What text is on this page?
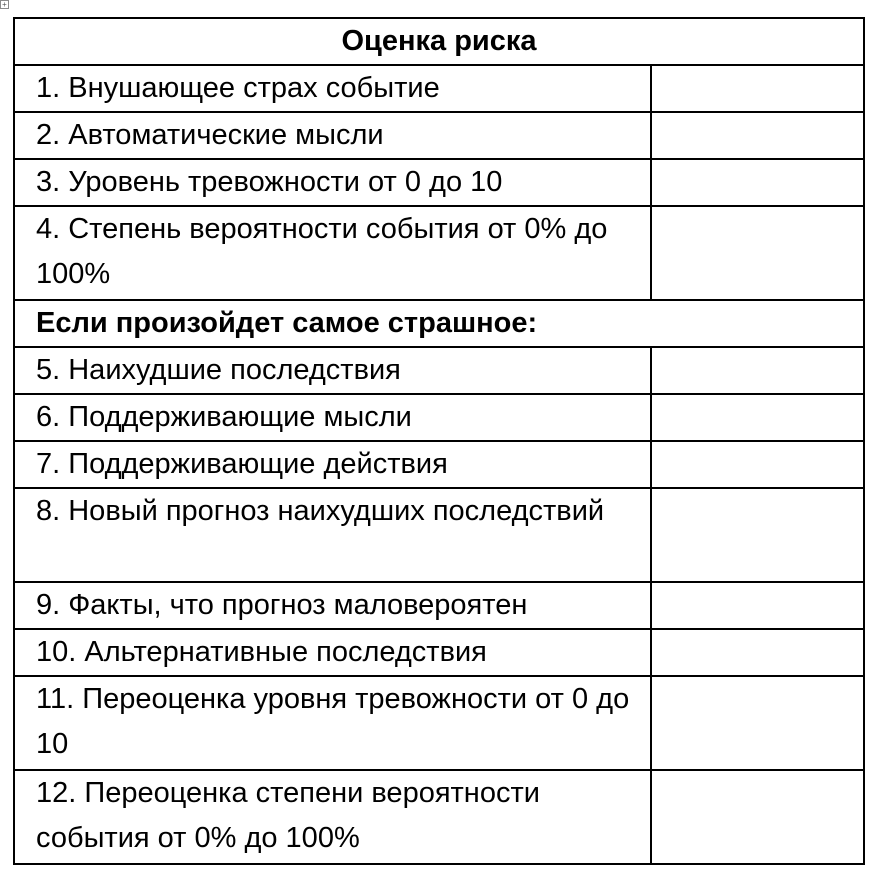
+
Оценка риска	
1. Внушающее страх событие	
2. Автоматические мысли	
3. Уровень тревожности от 0 до 10	
4. Степень вероятности события от 0% до 100%	
Если произойдет самое страшное:	
5. Наихудшие последствия	
6. Поддерживающие мысли	
7. Поддерживающие действия	
8. Новый прогноз наихудших последствий	
9. Факты, что прогноз маловероятен	
10. Альтернативные последствия	
11. Переоценка уровня тревожности от 0 до 10	
12. Переоценка степени вероятности события от 0% до 100%	
